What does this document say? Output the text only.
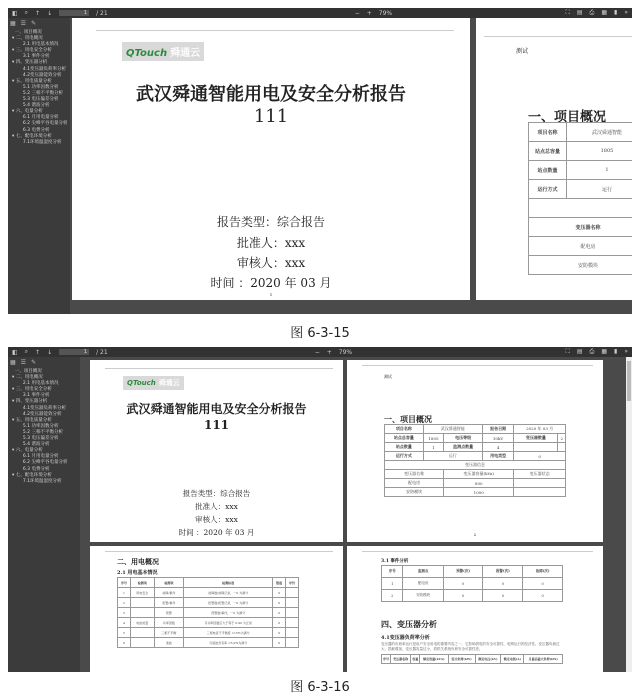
◧ ⌕ ↑ ↓	1	/ 21	− + 79%	⛶ ▤ ⎙ ▦ ▮ »
▦ ☰ ✎
一、项目概况
▾ 二、用电概况
2.1 用电基本情况
▾ 三、用电安全分析
3.1 事件分析
▾ 四、变压器分析
4.1变压器负荷率分析
4.2变压器能效分析
▾ 五、用电质量分析
5.1 功率因数分析
5.2 三相不平衡分析
5.3 电压偏差分析
5.4 谐波分析
▾ 六、电量分析
6.1 月用电量分析
6.2 尖峰平谷电量分析
6.3 电费分析
▾ 七、配电环境分析
7.1环境温湿度分析
QTouch 舜通云
武汉舜通智能用电及安全分析报告
111
报告类型：综合报告
批准人：xxx
审核人：xxx
时间 ：2020 年 03 月
1
测试
一、项目概况
项目名称	武汉舜通智能
站点总容量	1805
站点数量	1
运行方式	运行

变压器名称	
配电房	
安防模块	
图 6-3-15
◧ ⌕ ↑ ↓	1	/ 21	− + 79%	⛶ ▤ ⎙ ▦ ▮ »
▦ ☰ ✎
一、项目概况
▾ 二、用电概况
2.1 用电基本情况
▾ 三、用电安全分析
3.1 事件分析
▾ 四、变压器分析
4.1变压器负荷率分析
4.2变压器能效分析
▾ 五、用电质量分析
5.1 功率因数分析
5.2 三相不平衡分析
5.3 电压偏差分析
5.4 谐波分析
▾ 六、电量分析
6.1 月用电量分析
6.2 尖峰平谷电量分析
6.3 电费分析
▾ 七、配电环境分析
7.1环境温湿度分析
QTouch 舜通云
武汉舜通智能用电及安全分析报告
111
报告类型：综合报告
批准人：xxx
审核人：xxx
时间 ：2020 年 03 月
测试
一、项目概况
项目名称	武汉舜通智能		报告日期	2020 年 03 月	
站点总容量	1805	电压等级	10kV	变压器数量	2
站点数量	1	监测点数量	4		
运行方式	运行		用电类型	0	
变压器信息					
变压器名称		变压器容量(kVa)		变压器状态	
配电房		800			
安防模块		1000			
2
二、用电概况
2.1 用电基本情况
序号	检测项	检测项	检测标准	数值	评价
1	用电安全	故障/事件	故障数/故障记录，一0 为满分	0	
2		报警/事件	报警数/报警记录，一0 为满分	0	
3		预警	预警数/事件，一0 为满分	0	
4	电能质量	功率因数	月功率因数应大于等于 0.90 为正常	0	
5		三相不平衡	三相电流不平衡度 <15%为满分	0	
6		谐波	月谐波含有率 <5.0%为满分	0	
3.1 事件分析
序号	监测点	预警(次)	报警(次)	故障(次)
1	配电房	0	0	0
2	安防模块	0	0	0
四、变压器分析
4.1变压器负荷率分析
变压器的负荷率运行是用户安全用电的重要内容之一，它影响供电的安全可靠性、电网运行的经济性。变压器负载过大，损耗增加，变压器容量过小，将供关系统负荷安全可靠性差。
序号	变压器名称	容量	额定容量(kVA)	设计负荷(kW)	额定电压(kV)	额定电流(A)	月最高最大负荷(kW)
图 6-3-16
